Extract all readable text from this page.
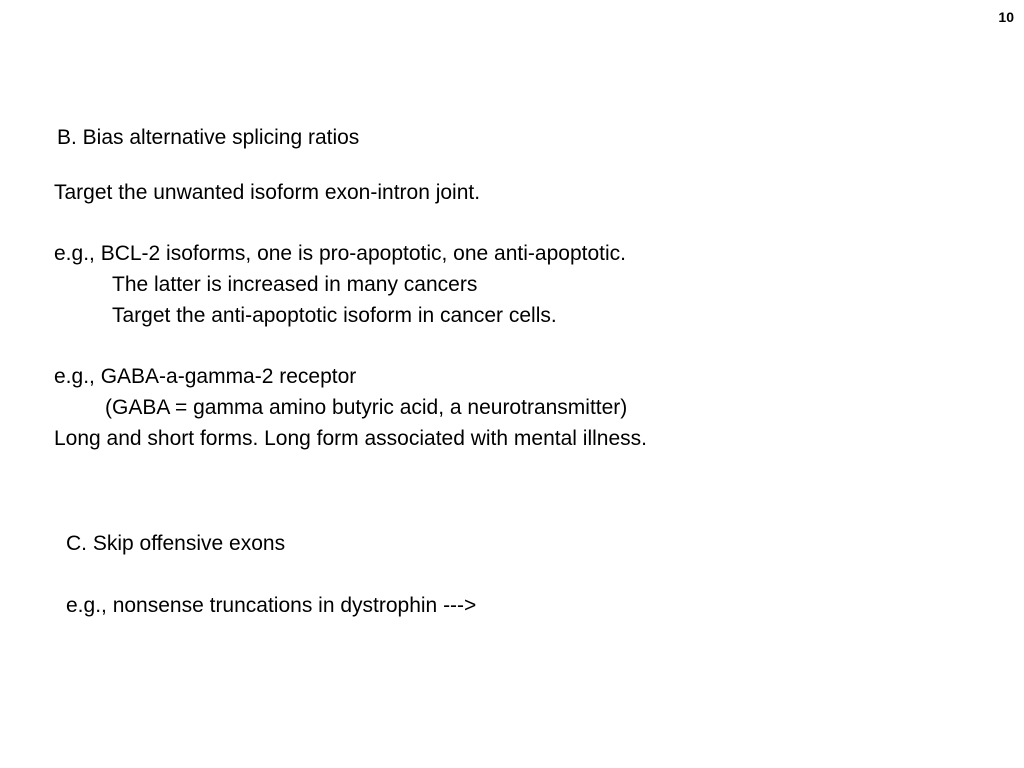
10
B. Bias alternative splicing ratios
Target the unwanted isoform exon-intron joint.
e.g., BCL-2 isoforms, one is pro-apoptotic, one anti-apoptotic.
The latter is increased in many cancers
Target the anti-apoptotic isoform in cancer cells.
e.g., GABA-a-gamma-2 receptor
(GABA = gamma amino butyric acid, a neurotransmitter)
Long and short forms. Long form associated with mental illness.
C. Skip offensive exons
e.g., nonsense truncations in dystrophin --->
